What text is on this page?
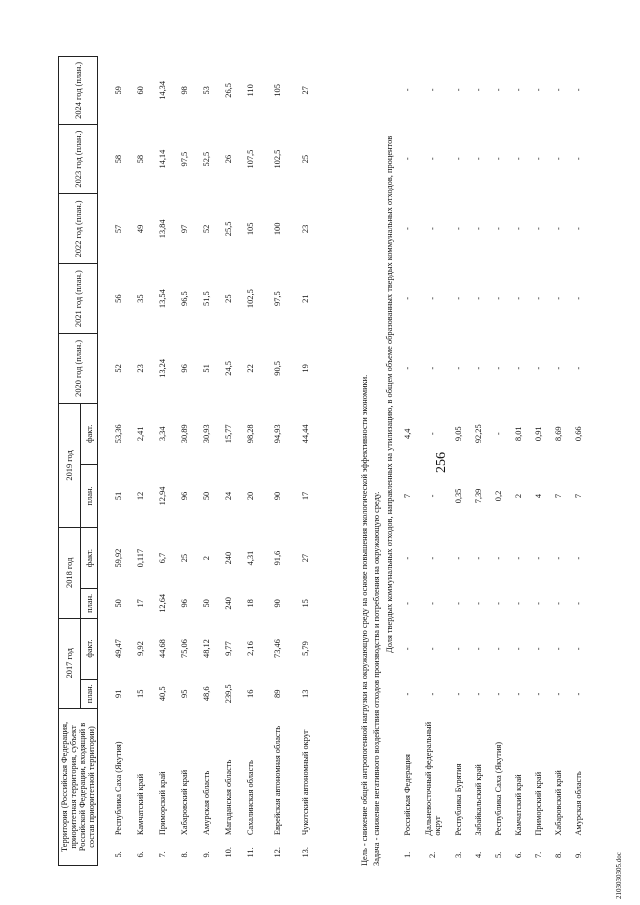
256
Территория (Российская Федерация, приоритетная территория, субъект Российской Федерации, входящий в состав приоритетной территории)		2017 год		2018 год		2019 год		2020 год (план.)	2021 год (план.)	2022 год (план.)	2023 год (план.)	2024 год (план.)
		план.	факт.	план.	факт.	план.	факт.					

5.	Республика Саха (Якутия)	91	49,47	50	59,92	51	53,36	52	56	57	58	59
6.	Камчатский край	15	9,92	17	0,117	12	2,41	23	35	49	58	60
7.	Приморский край	40,5	44,68	12,64	6,7	12,94	3,34	13,24	13,54	13,84	14,14	14,34
8.	Хабаровский край	95	75,06	96	25	96	30,89	96	96,5	97	97,5	98
9.	Амурская область	48,6	48,12	50	2	50	30,93	51	51,5	52	52,5	53
10.	Магаданская область	239,5	9,77	240	240	24	15,77	24,5	25	25,5	26	26,5
11.	Сахалинская область	16	2,16	18	4,31	20	98,28	22	102,5	105	107,5	110
12.	Еврейская автономная область	89	73,46	90	91,6	90	94,93	90,5	97,5	100	102,5	105
13.	Чукотский автономный округ	13	5,79	15	27	17	44,44	19	21	23	25	27
Цель - снижение общей антропогенной нагрузки на окружающую среду на основе повышения экологической эффективности экономики. Задача - снижение негативного воздействия отходов производства и потребления на окружающую среду.
Доля твердых коммунальных отходов, направленных на утилизацию, в общем объеме образованных твердых коммунальных отходов, процентов
1.	Российская Федерация	-	-	-	-	7	4,4	-	-	-	-	-
2.	Дальневосточный федеральный округ	-	-	-	-	-	-	-	-	-	-	-
3.	Республика Бурятия	-	-	-	-	0,35	9,05	-	-	-	-	-
4.	Забайкальский край	-	-	-	-	7,39	92,25	-	-	-	-	-
5.	Республика Саха (Якутия)	-	-	-	-	0,2	-	-	-	-	-	-
6.	Камчатский край	-	-	-	-	2	8,01	-	-	-	-	-
7.	Приморский край	-	-	-	-	4	0,91	-	-	-	-	-
8.	Хабаровский край	-	-	-	-	7	8,69	-	-	-	-	-
9.	Амурская область	-	-	-	-	7	0,66	-	-	-	-	-
2103030305.doc
